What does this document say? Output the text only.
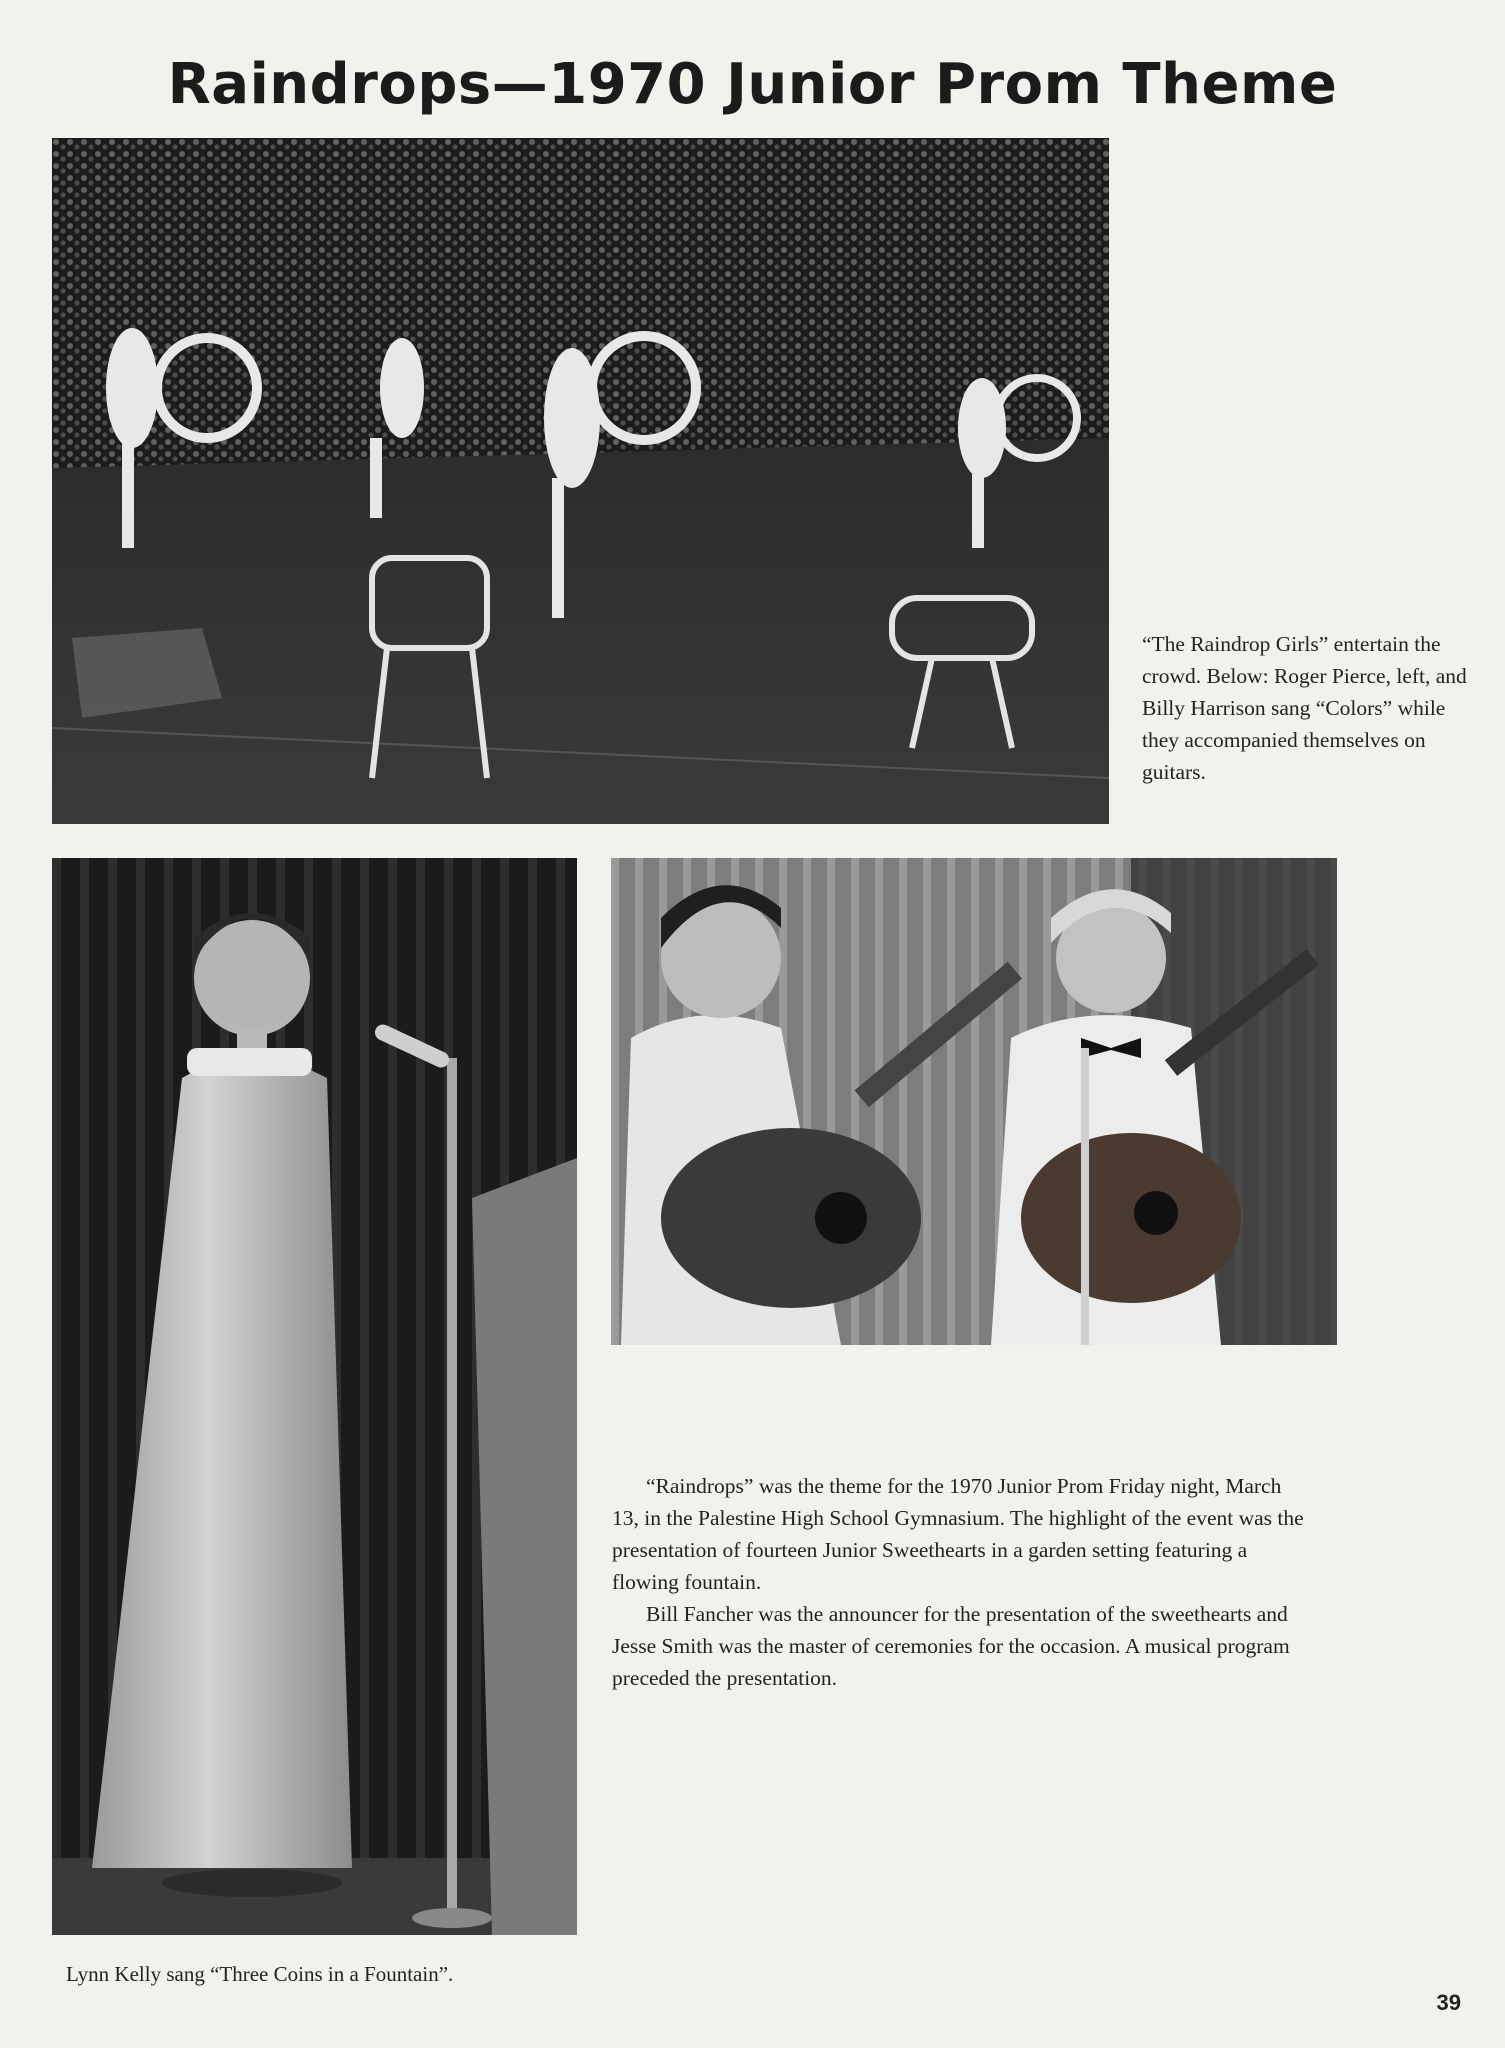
Raindrops—1970 Junior Prom Theme
“The Raindrop Girls” entertain the crowd. Below: Roger Pierce, left, and Billy Harrison sang “Colors” while they accompanied themselves on guitars.

“Raindrops” was the theme for the 1970 Junior Prom Friday night, March 13, in the Palestine High School Gymnasium. The highlight of the event was the presentation of fourteen Junior Sweethearts in a garden setting featuring a flowing fountain.

Bill Fancher was the announcer for the presentation of the sweethearts and Jesse Smith was the master of ceremonies for the occasion. A musical program preceded the presentation.

Lynn Kelly sang “Three Coins in a Fountain”.
39
